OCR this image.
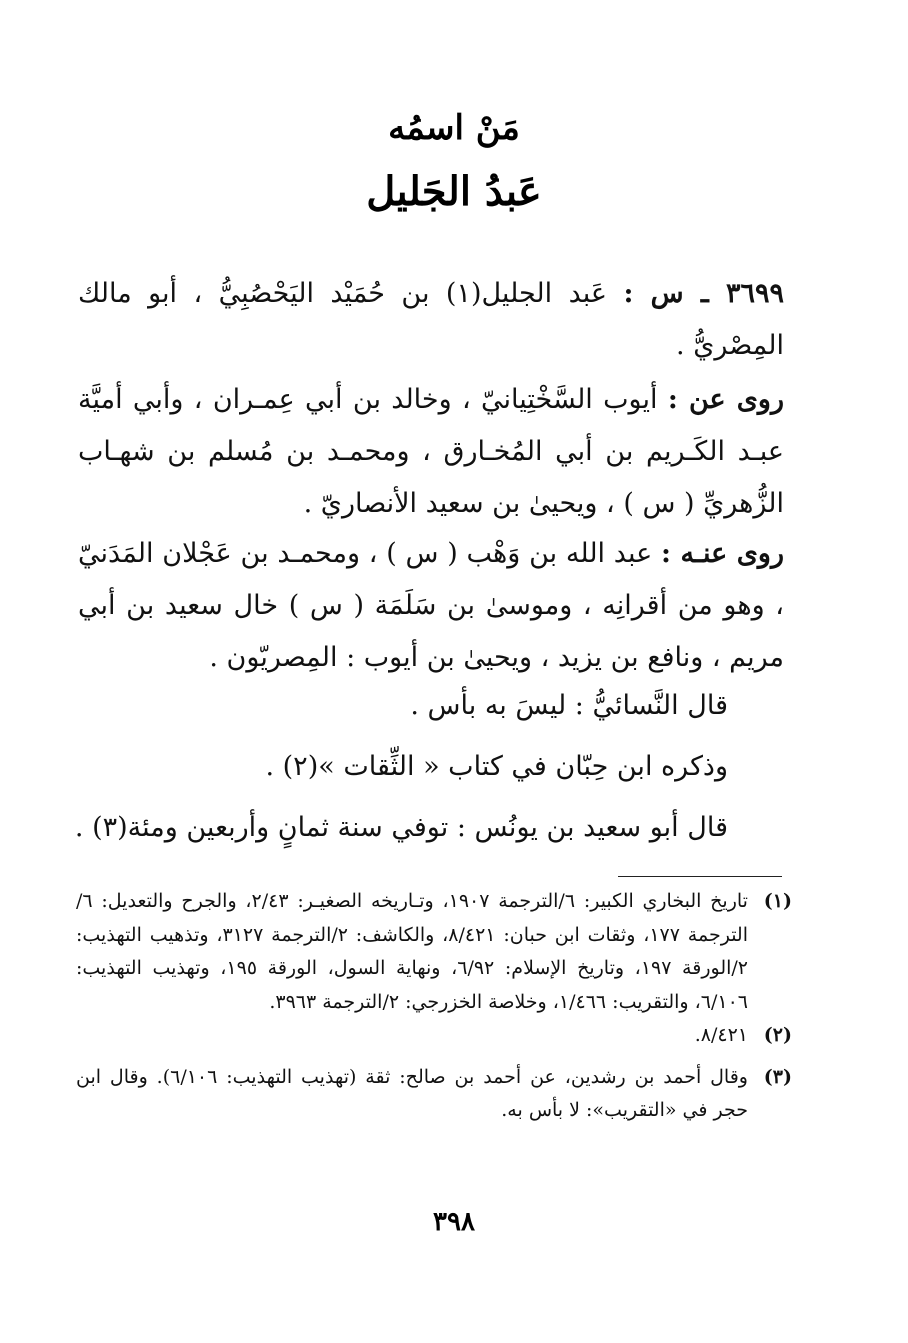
مَنْ اسمُه
عَبدُ الجَليل

٣٦٩٩ ـ س : عَبد الجليل(١) بن حُمَيْد اليَحْصُبِيُّ ، أبو مالك المِصْريُّ .

روى عن : أيوب السَّخْتِيانيّ ، وخالد بن أبي عِمـران ، وأبي أميَّة عبـد الكَـريم بن أبي المُخـارق ، ومحمـد بن مُسلم بن شهـاب الزُّهريِّ ( س ) ، ويحيىٰ بن سعيد الأنصاريّ .

روى عنـه : عبد الله بن وَهْب ( س ) ، ومحمـد بن عَجْلان المَدَنيّ ، وهو من أقرانِه ، وموسىٰ بن سَلَمَة ( س ) خال سعيد بن أبي مريم ، ونافع بن يزيد ، ويحيىٰ بن أيوب : المِصريّون .

قال النَّسائيُّ : ليسَ به بأس .
وذكره ابن حِبّان في كتاب « الثِّقات »(٢) .
قال أبو سعيد بن يونُس : توفي سنة ثمانٍ وأربعين ومئة(٣) .
(١)
تاريخ البخاري الكبير: ٦/الترجمة ١٩٠٧، وتـاريخه الصغيـر: ٢/٤٣، والجرح والتعديل: ٦/الترجمة ١٧٧، وثقات ابن حبان: ٨/٤٢١، والكاشف: ٢/الترجمة ٣١٢٧، وتذهيب التهذيب: ٢/الورقة ١٩٧، وتاريخ الإسلام: ٦/٩٢، ونهاية السول، الورقة ١٩٥، وتهذيب التهذيب: ٦/١٠٦، والتقريب: ١/٤٦٦، وخلاصة الخزرجي: ٢/الترجمة ٣٩٦٣.
(٢)
٨/٤٢١.
(٣)
وقال أحمد بن رشدين، عن أحمد بن صالح: ثقة (تهذيب التهذيب: ٦/١٠٦). وقال ابن حجر في «التقريب»: لا بأس به.
٣٩٨
